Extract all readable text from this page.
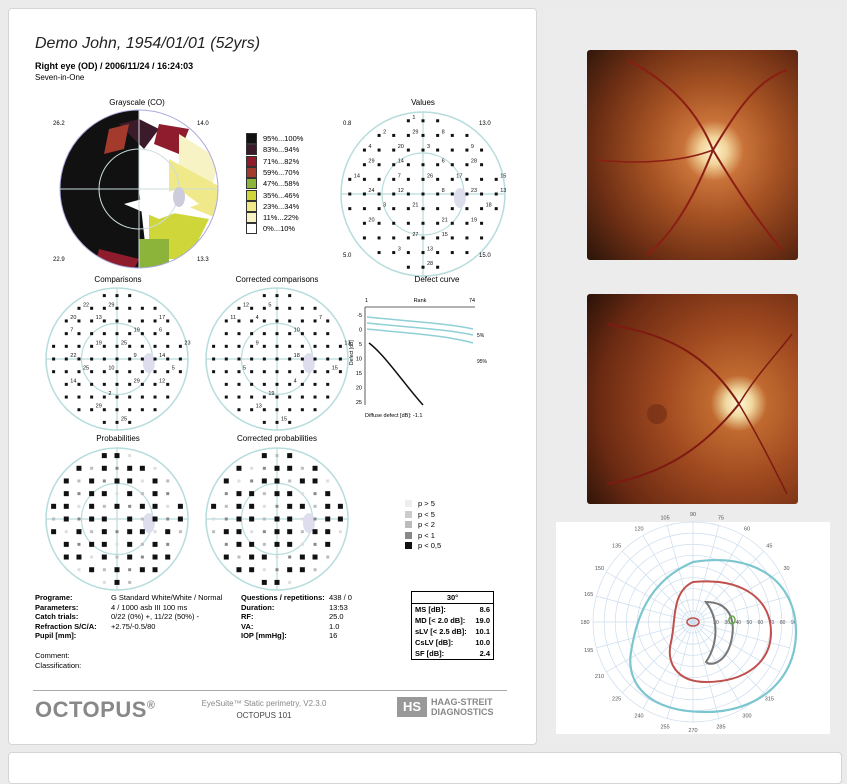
Demo John, 1954/01/01 (52yrs)
Right eye (OD) / 2006/11/24 / 16:24:03
Seven-in-One
Grayscale (CO)
26.2	14.0
22.9	13.3
95%...100%
83%...94%
71%...82%
59%...70%
47%...58%
35%...46%
23%...34%
11%...22%
0%...10%
Values
2
4	9
6
7	15
8
3	18
21
27
3
28
29
20
29	28
26
24	23
21
20	19
15
13
1
8
3
14
14	17
12	13
0.8	13.0
5.0	15.0
Comparisons
22
20	17
19
19	23
9
25	5
29
2
29
25
29
13
7	6
25
22	14
10
14	12
Corrected comparisons
12
11	7
10
9	13
18
5	15
4
19
13
15
5
4
Defect curve
Rank
1	74
-5
0
5
10
15
20
25
Defect [dB]
5%
95%
Diffuse defect [dB]: -1.1
Probabilities	Corrected probabilities
p > 5
p < 5
p < 2
p < 1
p < 0,5
Programe:	G Standard White/White / Normal
Parameters:	4 / 1000 asb III 100 ms
Catch trials:	0/22 (0%) +, 11/22 (50%) -
Refraction S/C/A: +2.75/-0.5/80
Pupil [mm]:
Questions / repetitions: 438 / 0
Duration:	13:53
RF:	25.0
VA:	1.0
IOP [mmHg]:	16
Comment:
Classification:
30°
MS [dB]:	8.6
MD [< 2.0 dB]: 19.0
sLV [< 2.5 dB]: 10.1
CsLV [dB]:	10.0
SF [dB]:	2.4
OCTOPUS®	EyeSuite™ Static perimetry, V2.3.0
OCTOPUS 101
HS	HAAG-STREIT
DIAGNOSTICS
120
105
90
75
60
45
135
30
150
165
180
195
210
225
240
255
270
285
300
315
20 30 40 50 60 70 80 90
